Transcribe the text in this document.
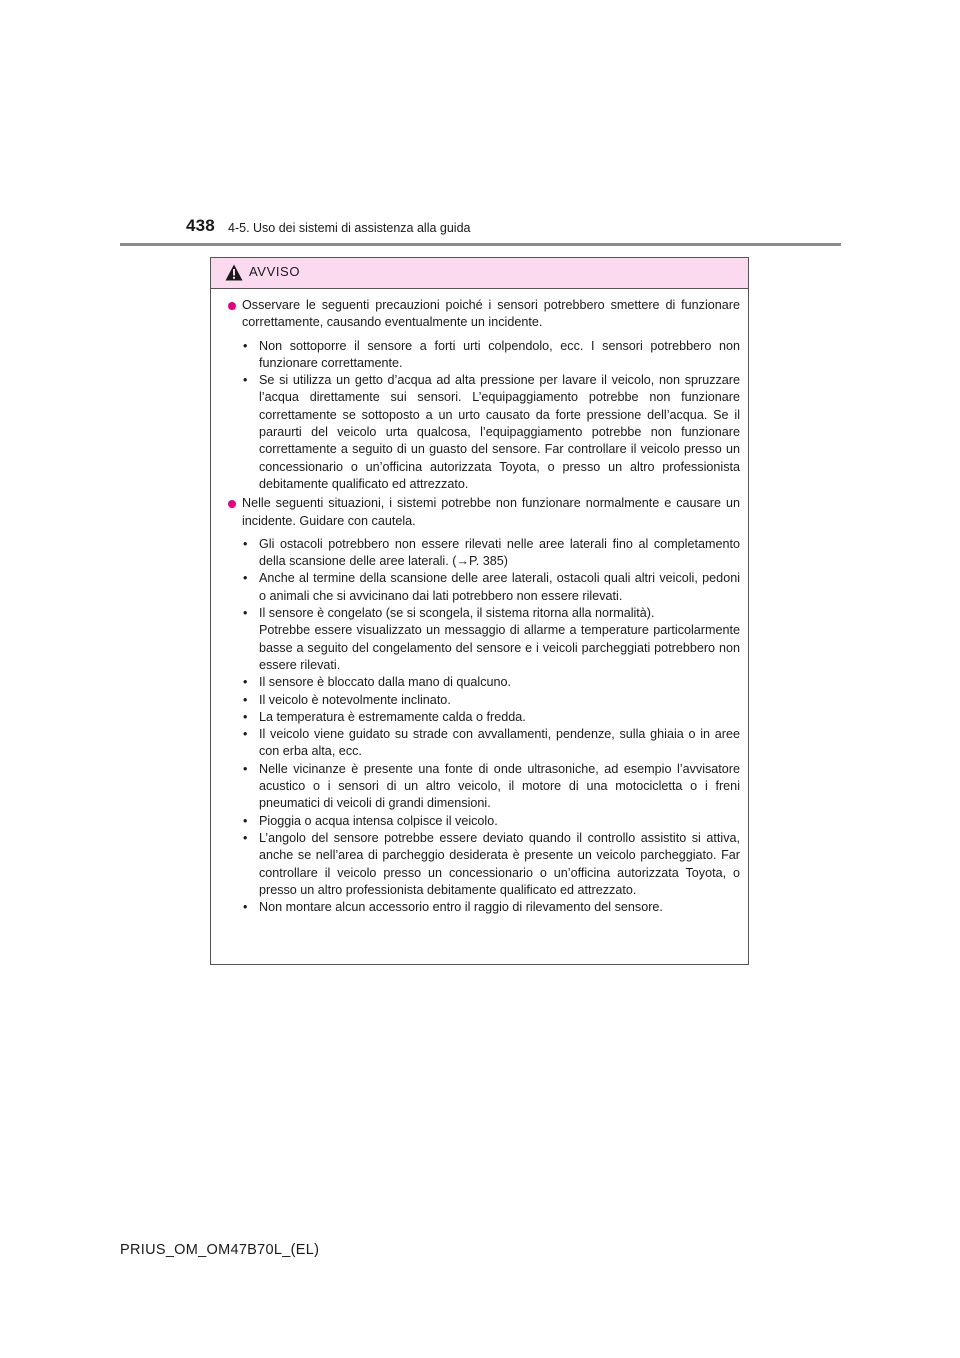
438 4-5. Uso dei sistemi di assistenza alla guida
AVVISO
Osservare le seguenti precauzioni poiché i sensori potrebbero smettere di funzionare correttamente, causando eventualmente un incidente.
• Non sottoporre il sensore a forti urti colpendolo, ecc. I sensori potrebbero non funzionare correttamente.
• Se si utilizza un getto d’acqua ad alta pressione per lavare il veicolo, non spruzzare l’acqua direttamente sui sensori. L’equipaggiamento potrebbe non funzionare correttamente se sottoposto a un urto causato da forte pressione dell’acqua. Se il paraurti del veicolo urta qualcosa, l’equipaggiamento potrebbe non funzionare correttamente a seguito di un guasto del sensore. Far controllare il veicolo presso un concessionario o un’officina autorizzata Toyota, o presso un altro professionista debitamente qualificato ed attrezzato.
Nelle seguenti situazioni, i sistemi potrebbe non funzionare normalmente e causare un incidente. Guidare con cautela.
• Gli ostacoli potrebbero non essere rilevati nelle aree laterali fino al completamento della scansione delle aree laterali. (→P. 385)
• Anche al termine della scansione delle aree laterali, ostacoli quali altri veicoli, pedoni o animali che si avvicinano dai lati potrebbero non essere rilevati.
• Il sensore è congelato (se si scongela, il sistema ritorna alla normalità).
Potrebbe essere visualizzato un messaggio di allarme a temperature particolarmente basse a seguito del congelamento del sensore e i veicoli parcheggiati potrebbero non essere rilevati.
• Il sensore è bloccato dalla mano di qualcuno.
• Il veicolo è notevolmente inclinato.
• La temperatura è estremamente calda o fredda.
• Il veicolo viene guidato su strade con avvallamenti, pendenze, sulla ghiaia o in aree con erba alta, ecc.
• Nelle vicinanze è presente una fonte di onde ultrasoniche, ad esempio l’avvisatore acustico o i sensori di un altro veicolo, il motore di una motocicletta o i freni pneumatici di veicoli di grandi dimensioni.
• Pioggia o acqua intensa colpisce il veicolo.
• L’angolo del sensore potrebbe essere deviato quando il controllo assistito si attiva, anche se nell’area di parcheggio desiderata è presente un veicolo parcheggiato. Far controllare il veicolo presso un concessionario o un’officina autorizzata Toyota, o presso un altro professionista debitamente qualificato ed attrezzato.
• Non montare alcun accessorio entro il raggio di rilevamento del sensore.
PRIUS_OM_OM47B70L_(EL)
